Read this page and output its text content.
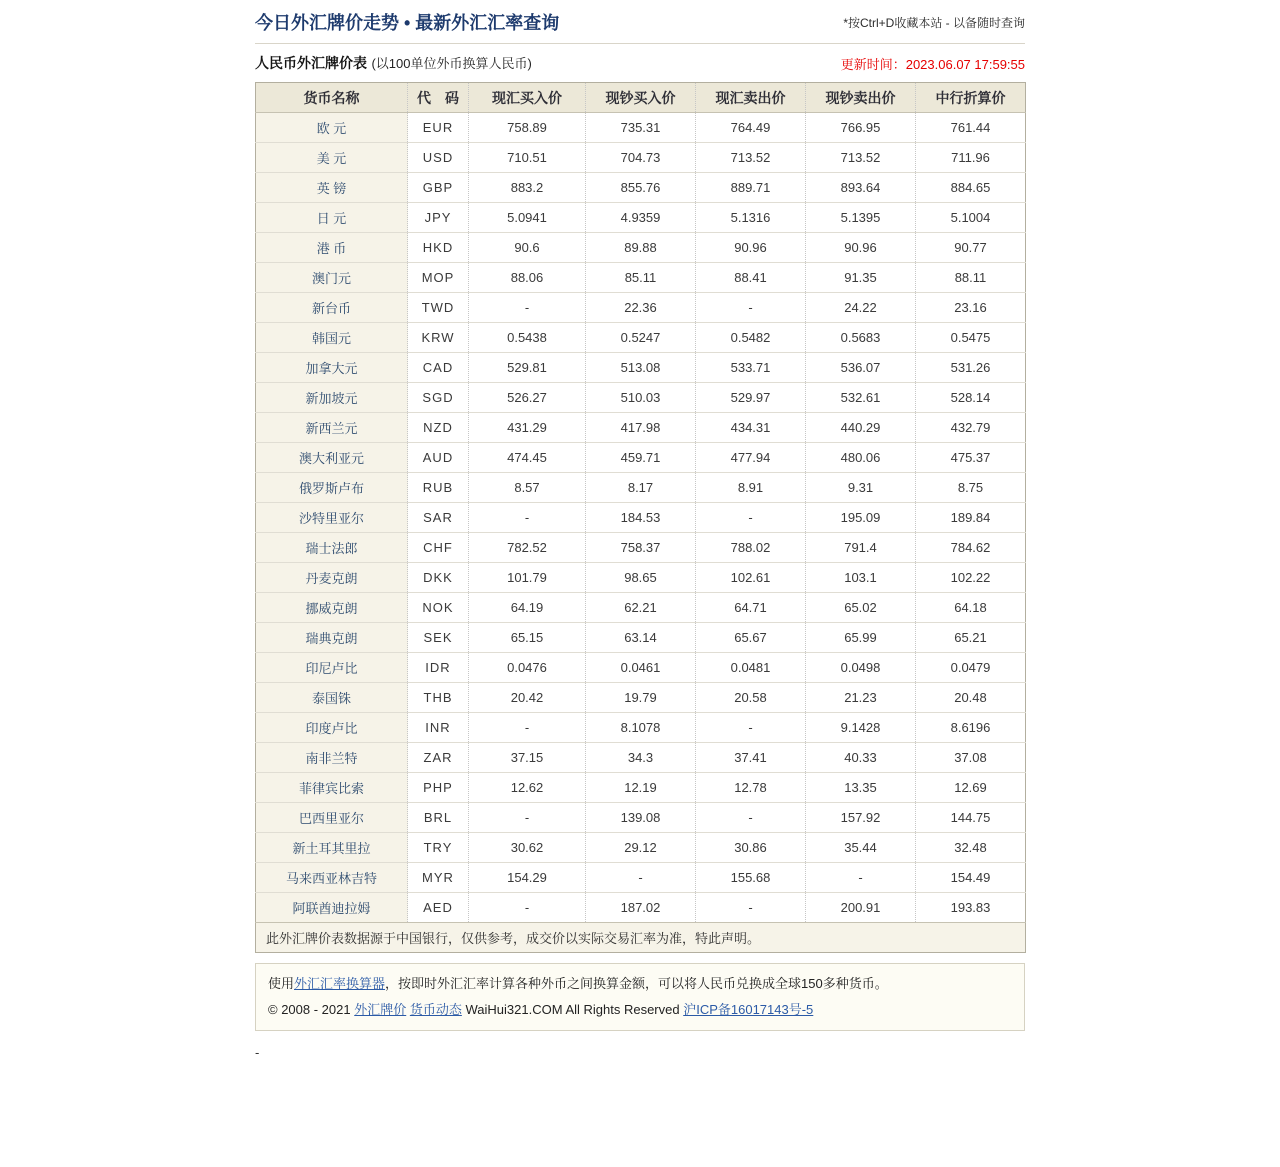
今日外汇牌价走势 • 最新外汇汇率查询	*按Ctrl+D收藏本站 - 以备随时查询
人民币外汇牌价表 (以100单位外币换算人民币)	更新时间：2023.06.07 17:59:55
货币名称	代　码	现汇买入价	现钞买入价	现汇卖出价	现钞卖出价	中行折算价
欧 元	EUR	758.89	735.31	764.49	766.95	761.44
美 元	USD	710.51	704.73	713.52	713.52	711.96
英 镑	GBP	883.2	855.76	889.71	893.64	884.65
日 元	JPY	5.0941	4.9359	5.1316	5.1395	5.1004
港 币	HKD	90.6	89.88	90.96	90.96	90.77
澳门元	MOP	88.06	85.11	88.41	91.35	88.11
新台币	TWD	-	22.36	-	24.22	23.16
韩国元	KRW	0.5438	0.5247	0.5482	0.5683	0.5475
加拿大元	CAD	529.81	513.08	533.71	536.07	531.26
新加坡元	SGD	526.27	510.03	529.97	532.61	528.14
新西兰元	NZD	431.29	417.98	434.31	440.29	432.79
澳大利亚元	AUD	474.45	459.71	477.94	480.06	475.37
俄罗斯卢布	RUB	8.57	8.17	8.91	9.31	8.75
沙特里亚尔	SAR	-	184.53	-	195.09	189.84
瑞士法郎	CHF	782.52	758.37	788.02	791.4	784.62
丹麦克朗	DKK	101.79	98.65	102.61	103.1	102.22
挪威克朗	NOK	64.19	62.21	64.71	65.02	64.18
瑞典克朗	SEK	65.15	63.14	65.67	65.99	65.21
印尼卢比	IDR	0.0476	0.0461	0.0481	0.0498	0.0479
泰国铢	THB	20.42	19.79	20.58	21.23	20.48
印度卢比	INR	-	8.1078	-	9.1428	8.6196
南非兰特	ZAR	37.15	34.3	37.41	40.33	37.08
菲律宾比索	PHP	12.62	12.19	12.78	13.35	12.69
巴西里亚尔	BRL	-	139.08	-	157.92	144.75
新土耳其里拉	TRY	30.62	29.12	30.86	35.44	32.48
马来西亚林吉特	MYR	154.29	-	155.68	-	154.49
阿联酋迪拉姆	AED	-	187.02	-	200.91	193.83
此外汇牌价表数据源于中国银行，仅供参考，成交价以实际交易汇率为准，特此声明。						

使用外汇汇率换算器，按即时外汇汇率计算各种外币之间换算金额，可以将人民币兑换成全球150多种货币。

© 2008 - 2021 外汇牌价 货币动态 WaiHui321.COM All Rights Reserved 沪ICP备16017143号-5

-
